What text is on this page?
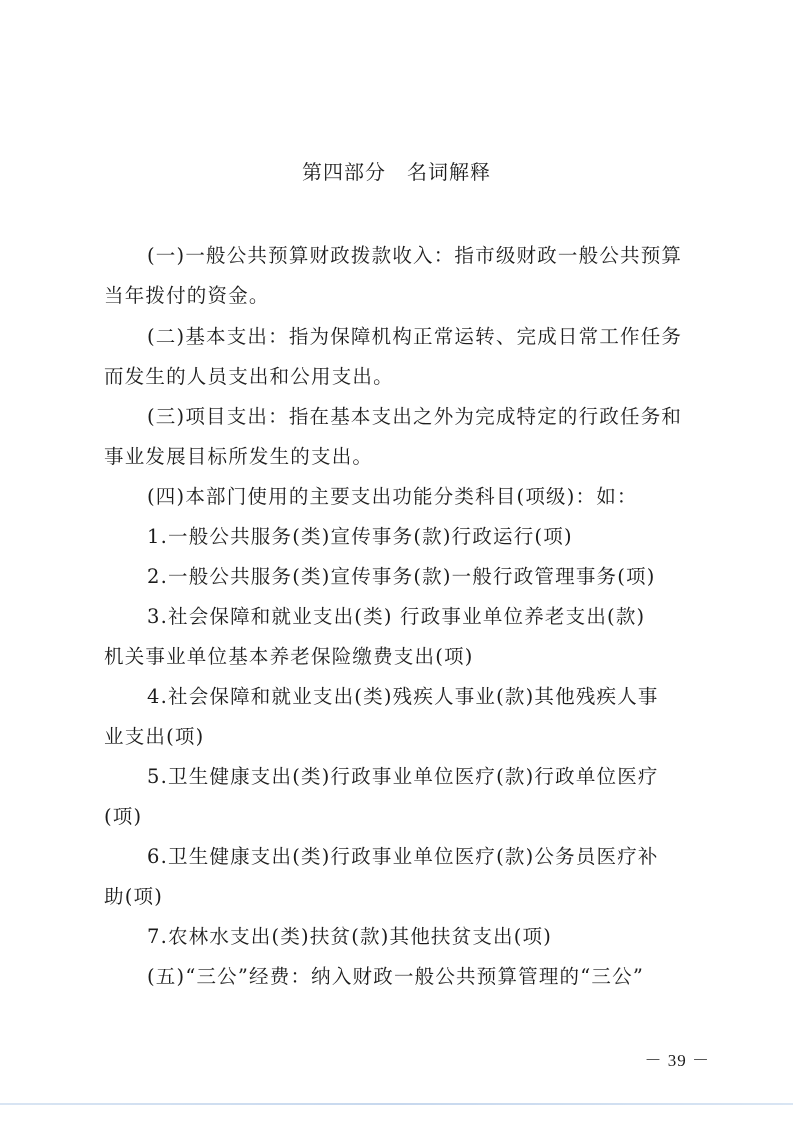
第四部分　名词解释
(一)一般公共预算财政拨款收入：指市级财政一般公共预算
当年拨付的资金。
(二)基本支出：指为保障机构正常运转、完成日常工作任务
而发生的人员支出和公用支出。
(三)项目支出：指在基本支出之外为完成特定的行政任务和
事业发展目标所发生的支出。
(四)本部门使用的主要支出功能分类科目(项级)：如：
1.一般公共服务(类)宣传事务(款)行政运行(项)
2.一般公共服务(类)宣传事务(款)一般行政管理事务(项)
3.社会保障和就业支出(类) 行政事业单位养老支出(款)
机关事业单位基本养老保险缴费支出(项)
4.社会保障和就业支出(类)残疾人事业(款)其他残疾人事
业支出(项)
5.卫生健康支出(类)行政事业单位医疗(款)行政单位医疗
(项)
6.卫生健康支出(类)行政事业单位医疗(款)公务员医疗补
助(项)
7.农林水支出(类)扶贫(款)其他扶贫支出(项)
(五)“三公”经费：纳入财政一般公共预算管理的“三公”
－ 39 －
